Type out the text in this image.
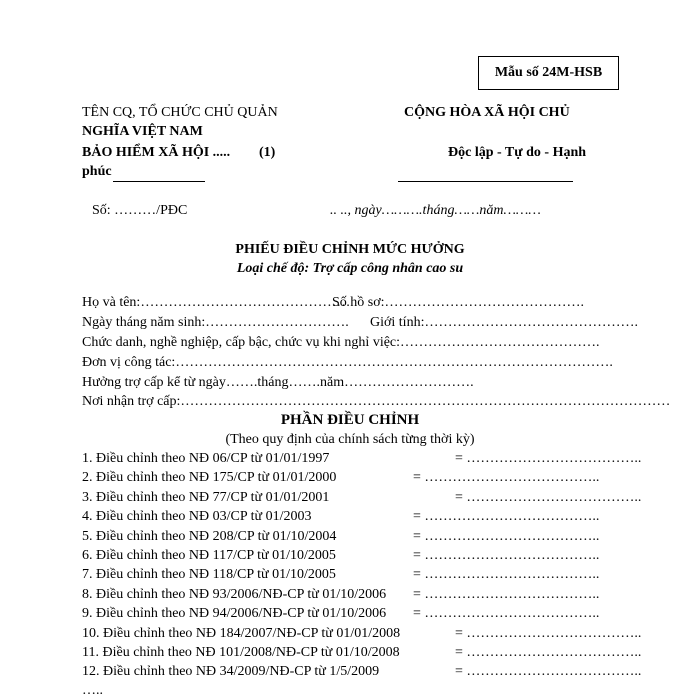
Mẫu số 24M-HSB
TÊN CQ, TỔ CHỨC CHỦ QUẢN	CỘNG HÒA XÃ HỘI CHỦ
NGHĨA VIỆT NAM
BẢO HIỂM XÃ HỘI ..... (1)	Độc lập - Tự do - Hạnh
phúc
Số: ………/PĐC	.. .., ngày……….tháng……năm………
PHIẾU ĐIỀU CHỈNH MỨC HƯỞNG
Loại chế độ: Trợ cấp công nhân cao su
Họ và tên:………………………………………
Số hồ sơ:…………………………………….
Ngày tháng năm sinh:…………………………. Giới tính:……………………………………….
Chức danh, nghề nghiệp, cấp bậc, chức vụ khi nghỉ việc:…………………………………….
Đơn vị công tác:………………………………………………………………………………….
Hưởng trợ cấp kể từ ngày…….tháng…….năm……………………….
Nơi nhận trợ cấp:……………………………………………………………………………………………
PHẦN ĐIỀU CHỈNH
(Theo quy định của chính sách từng thời kỳ)
1. Điều chỉnh theo NĐ 06/CP từ 01/01/1997	= ………………………………..
2. Điều chỉnh theo NĐ 175/CP từ 01/01/2000	= ………………………………..
3. Điều chỉnh theo NĐ 77/CP từ 01/01/2001	= ………………………………..
4. Điều chỉnh theo NĐ 03/CP từ 01/2003	= ………………………………..
5. Điều chỉnh theo NĐ 208/CP từ 01/10/2004	= ………………………………..
6. Điều chỉnh theo NĐ 117/CP từ 01/10/2005	= ………………………………..
7. Điều chỉnh theo NĐ 118/CP từ 01/10/2005	= ………………………………..
8. Điều chỉnh theo NĐ 93/2006/NĐ-CP từ 01/10/2006 = ………………………………..
9. Điều chỉnh theo NĐ 94/2006/NĐ-CP từ 01/10/2006 = ………………………………..
10. Điều chỉnh theo NĐ 184/2007/NĐ-CP từ 01/01/2008	= ………………………………..
11. Điều chỉnh theo NĐ 101/2008/NĐ-CP từ 01/10/2008	= ………………………………..
12. Điều chỉnh theo NĐ 34/2009/NĐ-CP từ 1/5/2009	= ………………………………..
…..
